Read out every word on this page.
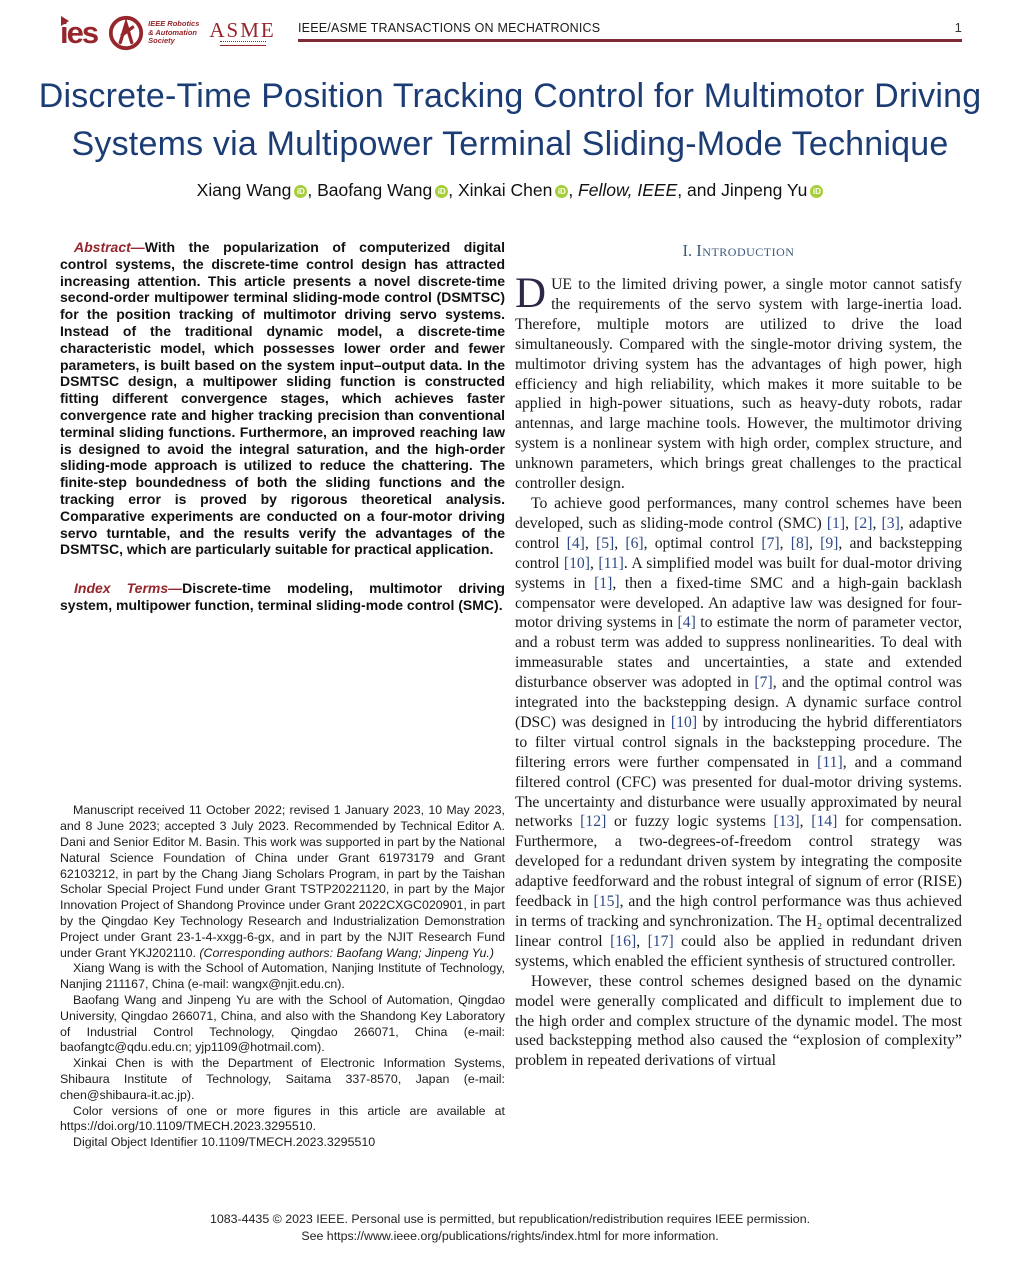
ies	IEEE Robotics
& Automation
Society	ASME IEEE/ASME TRANSACTIONS ON MECHATRONICS	1
Discrete-Time Position Tracking Control for Multimotor Driving Systems via Multipower Terminal Sliding-Mode Technique
Xiang Wang iD , Baofang Wang iD , Xinkai Chen iD , Fellow, IEEE, and Jinpeng Yu iD

Abstract—With the popularization of computerized digital control systems, the discrete-time control design has attracted increasing attention. This article presents a novel discrete-time second-order multipower terminal sliding-mode control (DSMTSC) for the position tracking of multimotor driving servo systems. Instead of the traditional dynamic model, a discrete-time characteristic model, which possesses lower order and fewer parameters, is built based on the system input–output data. In the DSMTSC design, a multipower sliding function is constructed fitting different convergence stages, which achieves faster convergence rate and higher tracking precision than conventional terminal sliding functions. Furthermore, an improved reaching law is designed to avoid the integral saturation, and the high-order sliding-mode approach is utilized to reduce the chattering. The finite-step boundedness of both the sliding functions and the tracking error is proved by rigorous theoretical analysis. Comparative experiments are conducted on a four-motor driving servo turntable, and the results verify the advantages of the DSMTSC, which are particularly suitable for practical application.

Index Terms—Discrete-time modeling, multimotor driving system, multipower function, terminal sliding-mode control (SMC).

Manuscript received 11 October 2022; revised 1 January 2023, 10 May 2023, and 8 June 2023; accepted 3 July 2023. Recommended by Technical Editor A. Dani and Senior Editor M. Basin. This work was supported in part by the National Natural Science Foundation of China under Grant 61973179 and Grant 62103212, in part by the Chang Jiang Scholars Program, in part by the Taishan Scholar Special Project Fund under Grant TSTP20221120, in part by the Major Innovation Project of Shandong Province under Grant 2022CXGC020901, in part by the Qingdao Key Technology Research and Industrialization Demonstration Project under Grant 23-1-4-xxgg-6-gx, and in part by the NJIT Research Fund under Grant YKJ202110. (Corresponding authors: Baofang Wang; Jinpeng Yu.)

Xiang Wang is with the School of Automation, Nanjing Institute of Technology, Nanjing 211167, China (e-mail: wangx@njit.edu.cn).

Baofang Wang and Jinpeng Yu are with the School of Automation, Qingdao University, Qingdao 266071, China, and also with the Shandong Key Laboratory of Industrial Control Technology, Qingdao 266071, China (e-mail: baofangtc@qdu.edu.cn; yjp1109@hotmail.com).

Xinkai Chen is with the Department of Electronic Information Systems, Shibaura Institute of Technology, Saitama 337-8570, Japan (e-mail: chen@shibaura-it.ac.jp).

Color versions of one or more figures in this article are available at https://doi.org/10.1109/TMECH.2023.3295510.

Digital Object Identifier 10.1109/TMECH.2023.3295510

I. Introduction

DUE to the limited driving power, a single motor cannot satisfy the requirements of the servo system with large-inertia load. Therefore, multiple motors are utilized to drive the load simultaneously. Compared with the single-motor driving system, the multimotor driving system has the advantages of high power, high efficiency and high reliability, which makes it more suitable to be applied in high-power situations, such as heavy-duty robots, radar antennas, and large machine tools. However, the multimotor driving system is a nonlinear system with high order, complex structure, and unknown parameters, which brings great challenges to the practical controller design.

To achieve good performances, many control schemes have been developed, such as sliding-mode control (SMC) [1], [2], [3], adaptive control [4], [5], [6], optimal control [7], [8], [9], and backstepping control [10], [11]. A simplified model was built for dual-motor driving systems in [1], then a fixed-time SMC and a high-gain backlash compensator were developed. An adaptive law was designed for four-motor driving systems in [4] to estimate the norm of parameter vector, and a robust term was added to suppress nonlinearities. To deal with immeasurable states and uncertainties, a state and extended disturbance observer was adopted in [7], and the optimal control was integrated into the backstepping design. A dynamic surface control (DSC) was designed in [10] by introducing the hybrid differentiators to filter virtual control signals in the backstepping procedure. The filtering errors were further compensated in [11], and a command filtered control (CFC) was presented for dual-motor driving systems. The uncertainty and disturbance were usually approximated by neural networks [12] or fuzzy logic systems [13], [14] for compensation. Furthermore, a two-degrees-of-freedom control strategy was developed for a redundant driven system by integrating the composite adaptive feedforward and the robust integral of signum of error (RISE) feedback in [15], and the high control performance was thus achieved in terms of tracking and synchronization. The H₂ optimal decentralized linear control [16], [17] could also be applied in redundant driven systems, which enabled the efficient synthesis of structured controller.

However, these control schemes designed based on the dynamic model were generally complicated and difficult to implement due to the high order and complex structure of the dynamic model. The most used backstepping method also caused the “explosion of complexity” problem in repeated derivations of virtual

1083-4435 © 2023 IEEE. Personal use is permitted, but republication/redistribution requires IEEE permission.
See https://www.ieee.org/publications/rights/index.html for more information.
